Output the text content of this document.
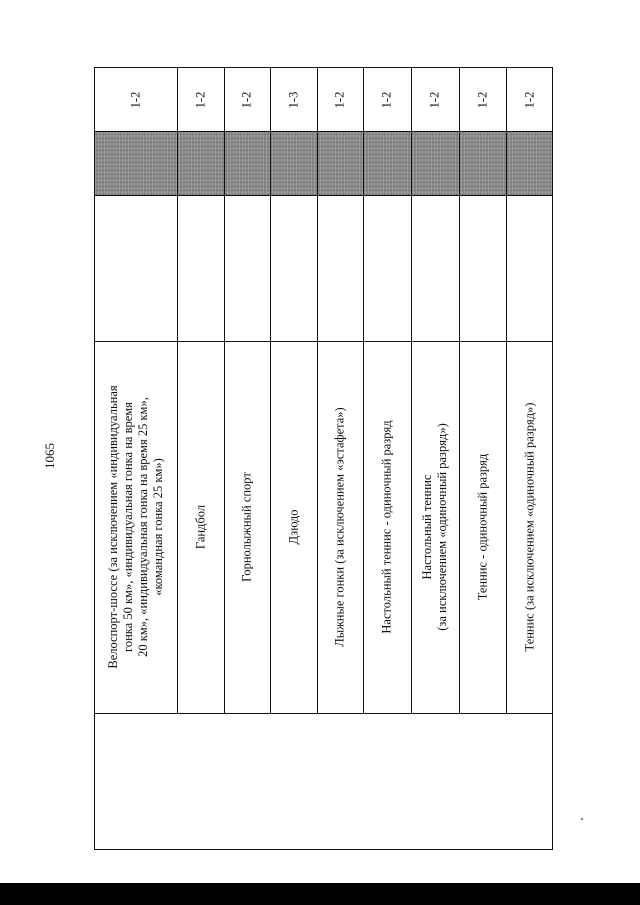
1065
1-2
Велоспорт-шоссе (за исключением «индивидуальная гонка 50 км», «индивидуальная гонка на время 20 км», «индивидуальная гонка на время 25 км», «командная гонка 25 км»)
1-2
Гандбол
1-2
Горнолыжный спорт
1-3
Дзюдо
1-2
Лыжные гонки (за исключением «эстафета»)
1-2
Настольный теннис - одиночный разряд
1-2
Настольный теннис (за исключением «одиночный разряд»)
1-2
Теннис - одиночный разряд
1-2
Теннис (за исключением «одиночный разряд»)
